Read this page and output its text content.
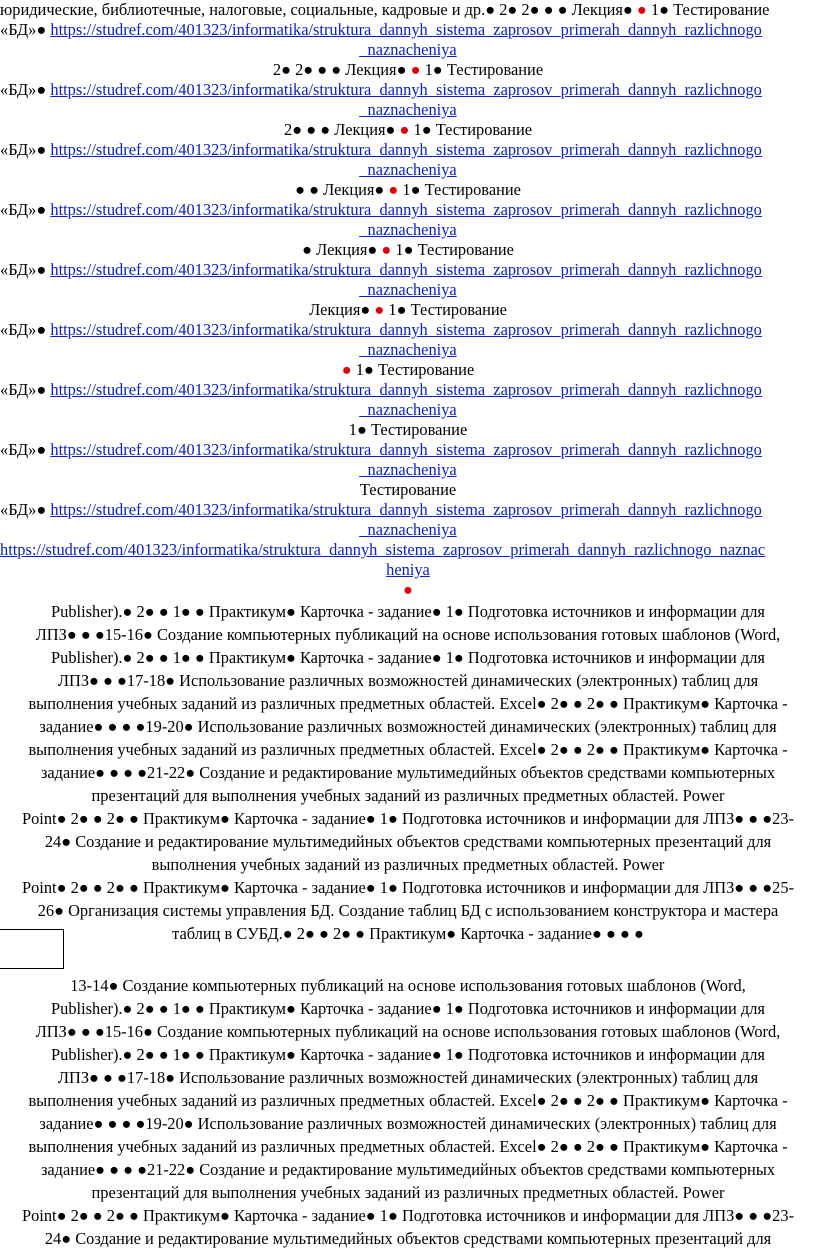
юридические, библиотечные, налоговые, социальные, кадровые и др.● 2● 2● ● ● Лекция● ● 1● Тестирование
«БД»● https://studref.com/401323/informatika/struktura_dannyh_sistema_zaprosov_primerah_dannyh_razlichnogo
_naznacheniya
2● 2● ● ● Лекция● ● 1● Тестирование
«БД»● https://studref.com/401323/informatika/struktura_dannyh_sistema_zaprosov_primerah_dannyh_razlichnogo
_naznacheniya
2● ● ● Лекция● ● 1● Тестирование
«БД»● https://studref.com/401323/informatika/struktura_dannyh_sistema_zaprosov_primerah_dannyh_razlichnogo
_naznacheniya
● ● Лекция● ● 1● Тестирование
«БД»● https://studref.com/401323/informatika/struktura_dannyh_sistema_zaprosov_primerah_dannyh_razlichnogo
_naznacheniya
● Лекция● ● 1● Тестирование
«БД»● https://studref.com/401323/informatika/struktura_dannyh_sistema_zaprosov_primerah_dannyh_razlichnogo
_naznacheniya
Лекция● ● 1● Тестирование
«БД»● https://studref.com/401323/informatika/struktura_dannyh_sistema_zaprosov_primerah_dannyh_razlichnogo
_naznacheniya
● 1● Тестирование
«БД»● https://studref.com/401323/informatika/struktura_dannyh_sistema_zaprosov_primerah_dannyh_razlichnogo
_naznacheniya
1● Тестирование
«БД»● https://studref.com/401323/informatika/struktura_dannyh_sistema_zaprosov_primerah_dannyh_razlichnogo
_naznacheniya
Тестирование
«БД»● https://studref.com/401323/informatika/struktura_dannyh_sistema_zaprosov_primerah_dannyh_razlichnogo
_naznacheniya
https://studref.com/401323/informatika/struktura_dannyh_sistema_zaprosov_primerah_dannyh_razlichnogo_naznac
heniya
●
Publisher).● 2● ● 1● ● Практикум● Карточка - задание● 1● Подготовка источников и информации для
ЛПЗ● ● ●15-16● Создание компьютерных публикаций на основе использования готовых шаблонов (Word,
Publisher).● 2● ● 1● ● Практикум● Карточка - задание● 1● Подготовка источников и информации для
ЛПЗ● ● ●17-18● Использование различных возможностей динамических (электронных) таблиц для
выполнения учебных заданий из различных предметных областей. Excel● 2● ● 2● ● Практикум● Карточка -
задание● ● ● ●19-20● Использование различных возможностей динамических (электронных) таблиц для
выполнения учебных заданий из различных предметных областей. Excel● 2● ● 2● ● Практикум● Карточка -
задание● ● ● ●21-22● Создание и редактирование мультимедийных объектов средствами компьютерных
презентаций для выполнения учебных заданий из различных предметных областей. Power
Point● 2● ● 2● ● Практикум● Карточка - задание● 1● Подготовка источников и информации для ЛПЗ● ● ●23-
24● Создание и редактирование мультимедийных объектов средствами компьютерных презентаций для
выполнения учебных заданий из различных предметных областей. Power
Point● 2● ● 2● ● Практикум● Карточка - задание● 1● Подготовка источников и информации для ЛПЗ● ● ●25-
26● Организация системы управления БД. Создание таблиц БД с использованием конструктора и мастера
таблиц в СУБД.● 2● ● 2● ● Практикум● Карточка - задание● ● ● ●
13-14● Создание компьютерных публикаций на основе использования готовых шаблонов (Word,
Publisher).● 2● ● 1● ● Практикум● Карточка - задание● 1● Подготовка источников и информации для
ЛПЗ● ● ●15-16● Создание компьютерных публикаций на основе использования готовых шаблонов (Word,
Publisher).● 2● ● 1● ● Практикум● Карточка - задание● 1● Подготовка источников и информации для
ЛПЗ● ● ●17-18● Использование различных возможностей динамических (электронных) таблиц для
выполнения учебных заданий из различных предметных областей. Excel● 2● ● 2● ● Практикум● Карточка -
задание● ● ● ●19-20● Использование различных возможностей динамических (электронных) таблиц для
выполнения учебных заданий из различных предметных областей. Excel● 2● ● 2● ● Практикум● Карточка -
задание● ● ● ●21-22● Создание и редактирование мультимедийных объектов средствами компьютерных
презентаций для выполнения учебных заданий из различных предметных областей. Power
Point● 2● ● 2● ● Практикум● Карточка - задание● 1● Подготовка источников и информации для ЛПЗ● ● ●23-
24● Создание и редактирование мультимедийных объектов средствами компьютерных презентаций для
